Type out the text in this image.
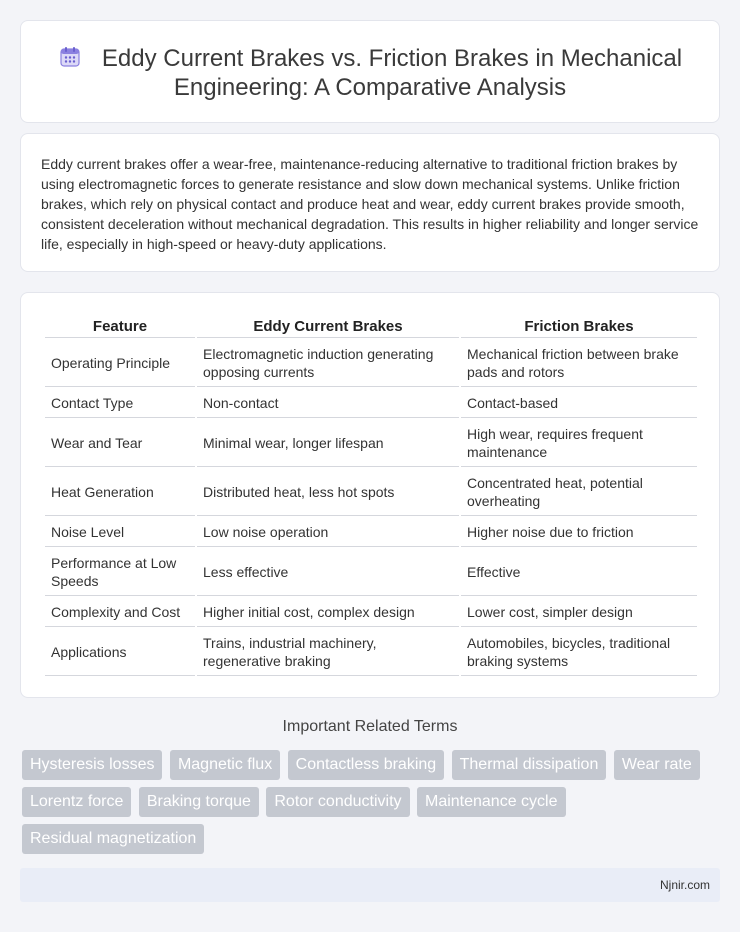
Eddy Current Brakes vs. Friction Brakes in Mechanical Engineering: A Comparative Analysis

Eddy current brakes offer a wear-free, maintenance-reducing alternative to traditional friction brakes by using electromagnetic forces to generate resistance and slow down mechanical systems. Unlike friction brakes, which rely on physical contact and produce heat and wear, eddy current brakes provide smooth, consistent deceleration without mechanical degradation. This results in higher reliability and longer service life, especially in high-speed or heavy-duty applications.

Feature	Eddy Current Brakes	Friction Brakes
Operating Principle	Electromagnetic induction generating opposing currents	Mechanical friction between brake pads and rotors
Contact Type	Non-contact	Contact-based
Wear and Tear	Minimal wear, longer lifespan	High wear, requires frequent maintenance
Heat Generation	Distributed heat, less hot spots	Concentrated heat, potential overheating
Noise Level	Low noise operation	Higher noise due to friction
Performance at Low Speeds	Less effective	Effective
Complexity and Cost	Higher initial cost, complex design	Lower cost, simpler design
Applications	Trains, industrial machinery, regenerative braking	Automobiles, bicycles, traditional braking systems
Important Related Terms
Hysteresis losses Magnetic flux Contactless braking Thermal dissipation Wear rate Lorentz force Braking torque Rotor conductivity Maintenance cycle Residual magnetization
Njnir.com
